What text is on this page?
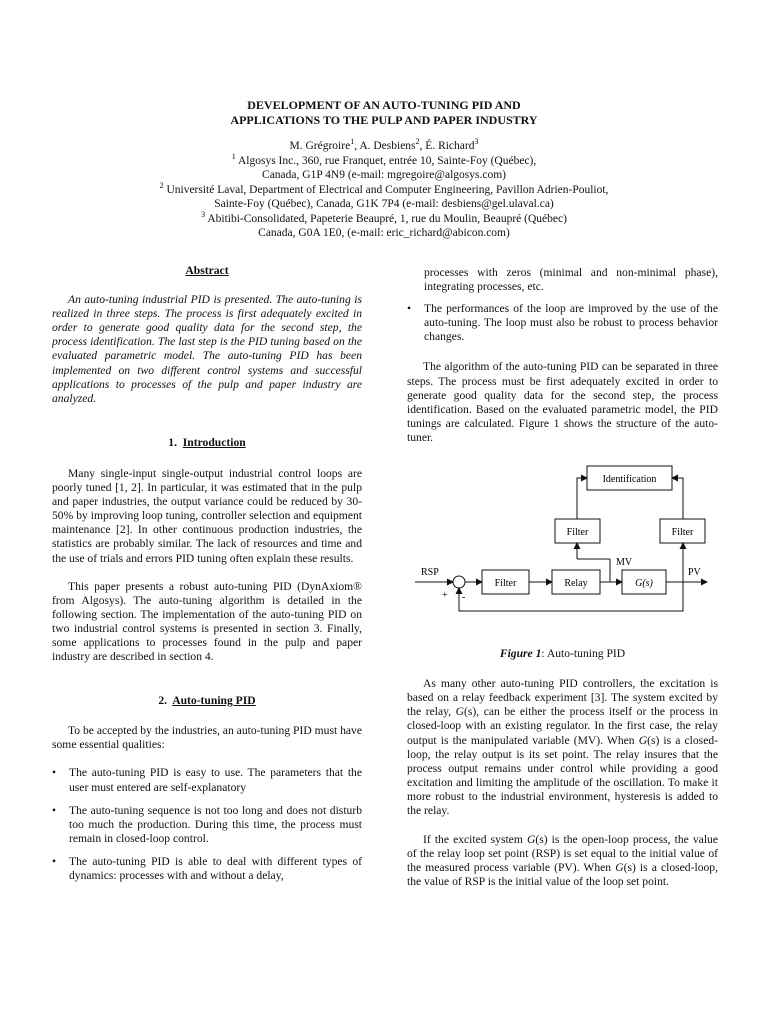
DEVELOPMENT OF AN AUTO-TUNING PID AND
APPLICATIONS TO THE PULP AND PAPER INDUSTRY
M. Grégroire$^1$, A. Desbiens$^2$, É. Richard$^3$
$^1$ Algosys Inc., 360, rue Franquet, entrée 10, Sainte-Foy (Québec),
Canada, G1P 4N9 (e-mail: mgregoire@algosys.com)
$^2$ Université Laval, Department of Electrical and Computer Engineering, Pavillon Adrien-Pouliot,
Sainte-Foy (Québec), Canada, G1K 7P4 (e-mail: desbiens@gel.ulaval.ca)
$^3$ Abitibi-Consolidated, Papeterie Beaupré, 1, rue du Moulin, Beaupré (Québec)
Canada, G0A 1E0, (e-mail: eric_richard@abicon.com)
Abstract

An auto-tuning industrial PID is presented. The auto-tuning is realized in three steps. The process is first adequately excited in order to generate good quality data for the second step, the process identification. The last step is the PID tuning based on the evaluated parametric model. The auto-tuning PID has been implemented on two different control systems and successful applications to processes of the pulp and paper industry are analyzed.

1. Introduction

Many single-input single-output industrial control loops are poorly tuned [1, 2]. In particular, it was estimated that in the pulp and paper industries, the output variance could be reduced by 30-50% by improving loop tuning, controller selection and equipment maintenance [2]. In other continuous production industries, the statistics are probably similar. The lack of resources and time and the use of trials and errors PID tuning often explain these results.

This paper presents a robust auto-tuning PID (DynAxiom® from Algosys). The auto-tuning algorithm is detailed in the following section. The implementation of the auto-tuning PID on two industrial control systems is presented in section 3. Finally, some applications to processes found in the pulp and paper industry are described in section 4.

2. Auto-tuning PID

To be accepted by the industries, an auto-tuning PID must have some essential qualities:

• The auto-tuning PID is easy to use. The parameters that the user must entered are self-explanatory
• The auto-tuning sequence is not too long and does not disturb too much the production. During this time, the process must remain in closed-loop control.
• The auto-tuning PID is able to deal with different types of dynamics: processes with and without a delay,

processes with zeros (minimal and non-minimal phase), integrating processes, etc.

• The performances of the loop are improved by the use of the auto-tuning. The loop must also be robust to process behavior changes.

The algorithm of the auto-tuning PID can be separated in three steps. The process must be first adequately excited in order to generate good quality data for the second step, the process identification. Based on the evaluated parametric model, the PID tunings are calculated. Figure 1 shows the structure of the auto-tuner.

Identification
Filter	Filter
RSP
+ -
Filter	Relay	G(s)
MV
PV
Figure 1: Auto-tuning PID

As many other auto-tuning PID controllers, the excitation is based on a relay feedback experiment [3]. The system excited by the relay, G(s), can be either the process itself or the process in closed-loop with an existing regulator. In the first case, the relay output is the manipulated variable (MV). When G(s) is a closed-loop, the relay output is its set point. The relay insures that the process output remains under control while providing a good excitation and limiting the amplitude of the oscillation. To make it more robust to the industrial environment, hysteresis is added to the relay.

If the excited system G(s) is the open-loop process, the value of the relay loop set point (RSP) is set equal to the initial value of the measured process variable (PV). When G(s) is a closed-loop, the value of RSP is the initial value of the loop set point.
